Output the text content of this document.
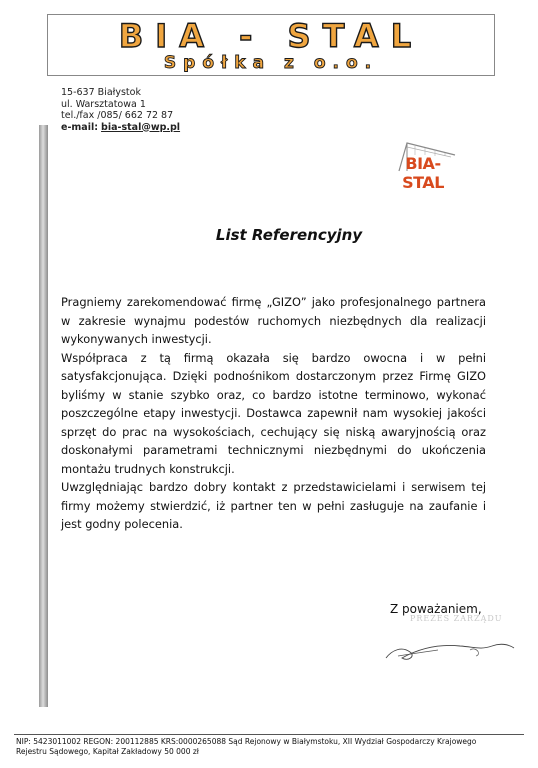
BIA - STAL
Spółka z o.o.
15-637 Białystok
ul. Warsztatowa 1
tel./fax /085/ 662 72 87
e-mail: bia-stal@wp.pl
BIA-STAL
List Referencyjny

Pragniemy zarekomendować firmę „GIZO” jako profesjonalnego partnera w zakresie wynajmu podestów ruchomych niezbędnych dla realizacji wykonywanych inwestycji.

Współpraca z tą firmą okazała się bardzo owocna i w pełni satysfakcjonująca. Dzięki podnośnikom dostarczonym przez Firmę GIZO byliśmy w stanie szybko oraz, co bardzo istotne terminowo, wykonać poszczególne etapy inwestycji. Dostawca zapewnił nam wysokiej jakości sprzęt do prac na wysokościach, cechujący się niską awaryjnością oraz doskonałymi parametrami technicznymi niezbędnymi do ukończenia montażu trudnych konstrukcji.

Uwzględniając bardzo dobry kontakt z przedstawicielami i serwisem tej firmy możemy stwierdzić, iż partner ten w pełni zasługuje na zaufanie i jest godny polecenia.

Z poważaniem,
PREZES ZARZĄDU
NIP: 5423011002 REGON: 200112885 KRS:0000265088 Sąd Rejonowy w Białymstoku, XII Wydział Gospodarczy Krajowego
Rejestru Sądowego, Kapitał Zakładowy 50 000 zł
